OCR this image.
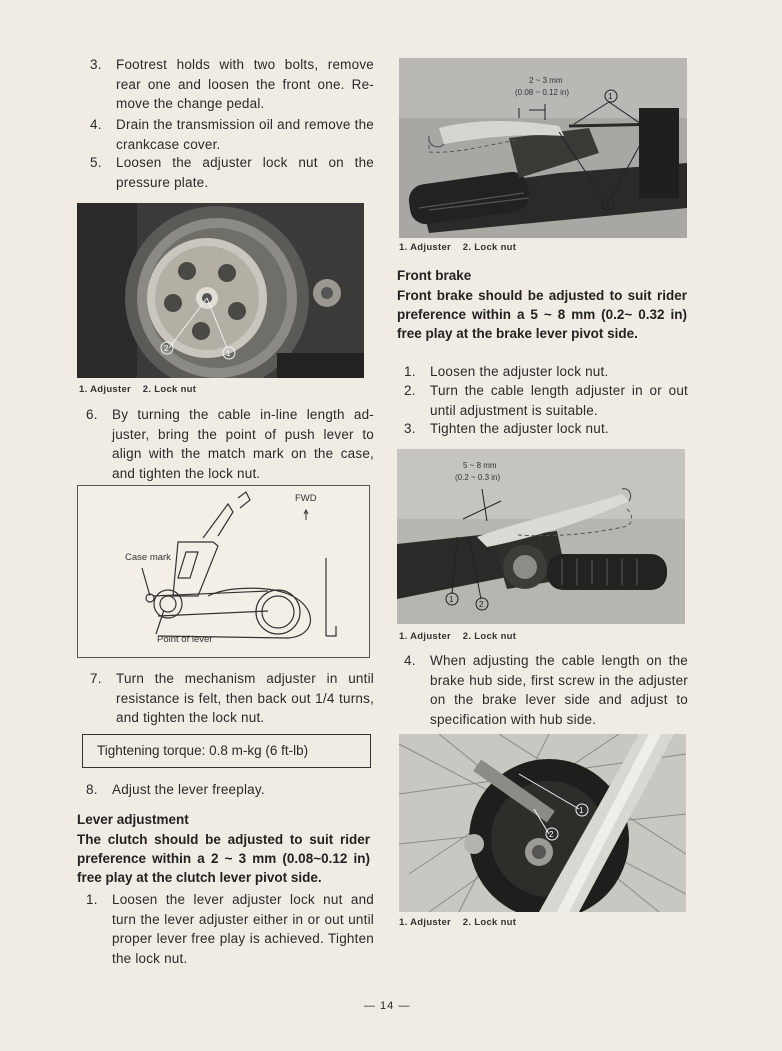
3.	Footrest holds with two bolts, remove rear one and loosen the front one. Re-move the change pedal.
4.	Drain the transmission oil and remove the crankcase cover.
5.	Loosen the adjuster lock nut on the pressure plate.
2
1
1. Adjuster    2. Lock nut
6.	By turning the cable in-line length ad-juster, bring the point of push lever to align with the match mark on the case, and tighten the lock nut.
FWD
Case mark
Point of lever
7.	Turn the mechanism adjuster in until resistance is felt, then back out 1/4 turns, and tighten the lock nut.
Tightening torque: 0.8 m-kg (6 ft-lb)
8.	Adjust the lever freeplay.
Lever adjustment
The clutch should be adjusted to suit rider preference within a 2 ~ 3 mm (0.08~0.12 in) free play at the clutch lever pivot side.
1.	Loosen the lever adjuster lock nut and turn the lever adjuster either in or out until proper lever free play is achieved. Tighten the lock nut.
1
2
2 ~ 3 mm
(0.08 ~ 0.12 in)
1. Adjuster    2. Lock nut
Front brake
Front brake should be adjusted to suit rider preference within a 5 ~ 8 mm (0.2~ 0.32 in) free play at the brake lever pivot side.
1.	Loosen the adjuster lock nut.
2.	Turn the cable length adjuster in or out until adjustment is suitable.
3.	Tighten the adjuster lock nut.
1
2
5 ~ 8 mm
(0.2 ~ 0.3 in)
1. Adjuster    2. Lock nut
4.	When adjusting the cable length on the brake hub side, first screw in the adjuster on the brake lever side and adjust to specification with hub side.
1
2
1. Adjuster    2. Lock nut
— 14 —
